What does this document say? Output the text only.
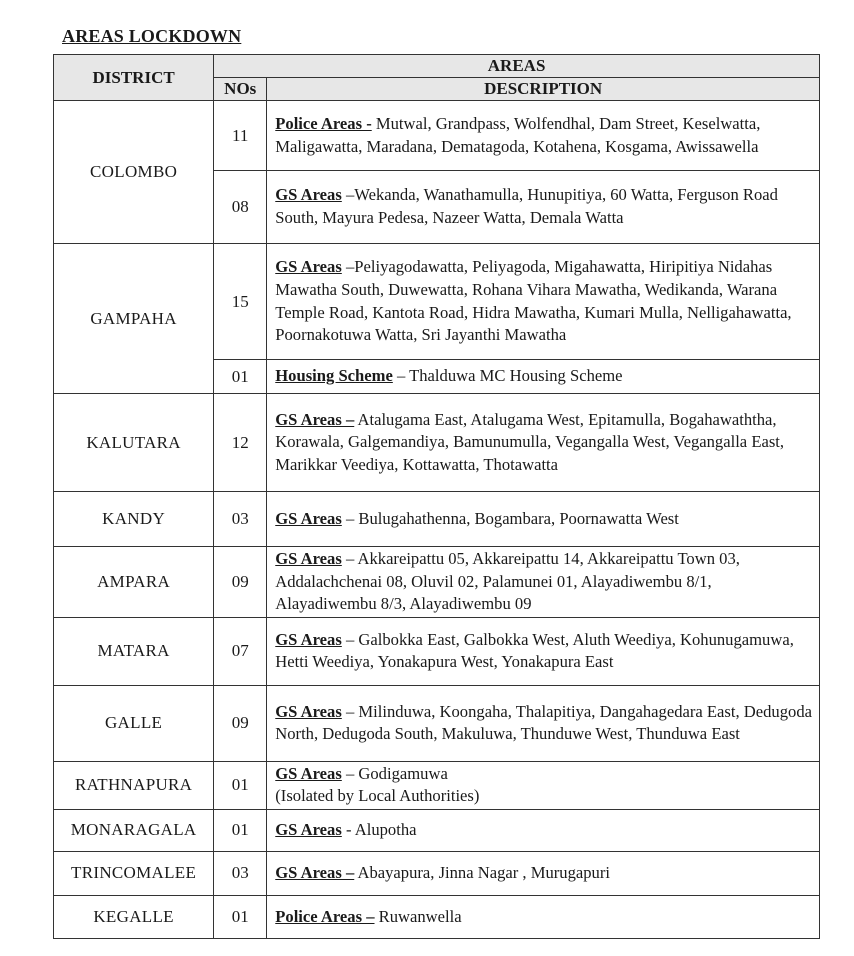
AREAS LOCKDOWN
DISTRICT	AREAS	
	NOs	DESCRIPTION
COLOMBO	11	Police Areas - Mutwal, Grandpass, Wolfendhal, Dam Street, Keselwatta, Maligawatta, Maradana, Dematagoda, Kotahena, Kosgama, Awissawella
	08	GS Areas –Wekanda, Wanathamulla, Hunupitiya, 60 Watta, Ferguson Road South, Mayura Pedesa, Nazeer Watta, Demala Watta
GAMPAHA	15	GS Areas –Peliyagodawatta, Peliyagoda, Migahawatta, Hiripitiya Nidahas Mawatha South, Duwewatta, Rohana Vihara Mawatha, Wedikanda, Warana Temple Road, Kantota Road, Hidra Mawatha, Kumari Mulla, Nelligahawatta, Poornakotuwa Watta, Sri Jayanthi Mawatha
	01	Housing Scheme – Thalduwa MC Housing Scheme
KALUTARA	12	GS Areas – Atalugama East, Atalugama West, Epitamulla, Bogahawaththa, Korawala, Galgemandiya, Bamunumulla, Vegangalla West, Vegangalla East, Marikkar Veediya, Kottawatta, Thotawatta
KANDY	03	GS Areas – Bulugahathenna, Bogambara, Poornawatta West
AMPARA	09	GS Areas – Akkareipattu 05, Akkareipattu 14, Akkareipattu Town 03, Addalachchenai 08, Oluvil 02, Palamunei 01, Alayadiwembu 8/1, Alayadiwembu 8/3, Alayadiwembu 09
MATARA	07	GS Areas – Galbokka East, Galbokka West, Aluth Weediya, Kohunugamuwa, Hetti Weediya, Yonakapura West, Yonakapura East
GALLE	09	GS Areas – Milinduwa, Koongaha, Thalapitiya, Dangahagedara East, Dedugoda North, Dedugoda South, Makuluwa, Thunduwe West, Thunduwa East
RATHNAPURA	01	GS Areas – Godigamuwa
(Isolated by Local Authorities)
MONARAGALA	01	GS Areas - Alupotha
TRINCOMALEE	03	GS Areas – Abayapura, Jinna Nagar , Murugapuri
KEGALLE	01	Police Areas – Ruwanwella
